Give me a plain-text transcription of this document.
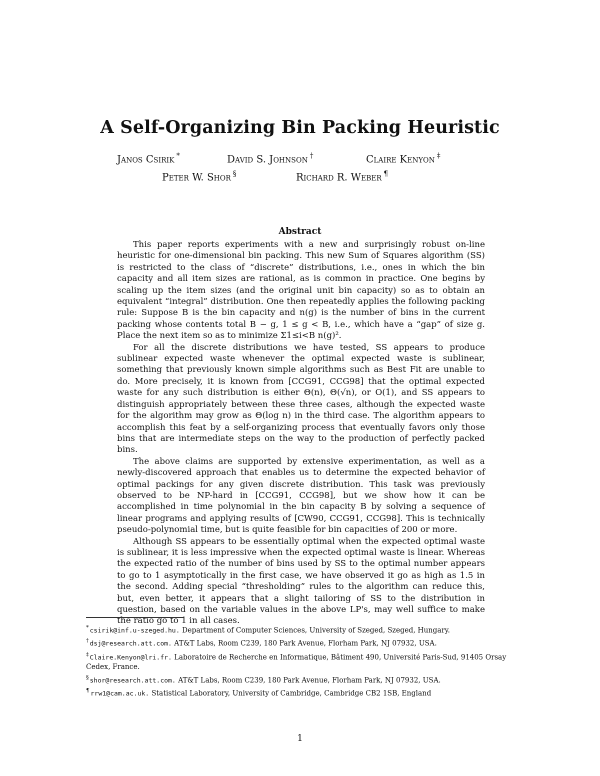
A Self-Organizing Bin Packing Heuristic
Janos Csirik *	David S. Johnson †	Claire Kenyon ‡
Peter W. Shor §	Richard R. Weber ¶
Abstract

This paper reports experiments with a new and surprisingly robust on-line heuristic for one-dimensional bin packing. This new Sum of Squares algorithm (SS) is restricted to the class of “discrete” distributions, i.e., ones in which the bin capacity and all item sizes are rational, as is common in practice. One begins by scaling up the item sizes (and the original unit bin capacity) so as to obtain an equivalent “integral” distribution. One then repeatedly applies the following packing rule: Suppose B is the bin capacity and n(g) is the number of bins in the current packing whose contents total B − g, 1 ≤ g < B, i.e., which have a “gap” of size g. Place the next item so as to minimize Σ1≤i<B n(g)².

For all the discrete distributions we have tested, SS appears to produce sublinear expected waste whenever the optimal expected waste is sublinear, something that previously known simple algorithms such as Best Fit are unable to do. More precisely, it is known from [CCG91, CCG98] that the optimal expected waste for any such distribution is either Θ(n), Θ(√n), or O(1), and SS appears to distinguish appropriately between these three cases, although the expected waste for the algorithm may grow as Θ(log n) in the third case. The algorithm appears to accomplish this feat by a self-organizing process that eventually favors only those bins that are intermediate steps on the way to the production of perfectly packed bins.

The above claims are supported by extensive experimentation, as well as a newly-discovered approach that enables us to determine the expected behavior of optimal packings for any given discrete distribution. This task was previously observed to be NP-hard in [CCG91, CCG98], but we show how it can be accomplished in time polynomial in the bin capacity B by solving a sequence of linear programs and applying results of [CW90, CCG91, CCG98]. This is technically pseudo-polynomial time, but is quite feasible for bin capacities of 200 or more.

Although SS appears to be essentially optimal when the expected optimal waste is sublinear, it is less impressive when the expected optimal waste is linear. Whereas the expected ratio of the number of bins used by SS to the optimal number appears to go to 1 asymptotically in the first case, we have observed it go as high as 1.5 in the second. Adding special “thresholding” rules to the algorithm can reduce this, but, even better, it appears that a slight tailoring of SS to the distribution in question, based on the variable values in the above LP's, may well suffice to make the ratio go to 1 in all cases.

*csirik@inf.u-szeged.hu. Department of Computer Sciences, University of Szeged, Szeged, Hungary.

†dsj@research.att.com. AT&T Labs, Room C239, 180 Park Avenue, Florham Park, NJ 07932, USA.

‡Claire.Kenyon@lri.fr. Laboratoire de Recherche en Informatique, Bâtiment 490, Université Paris-Sud, 91405 Orsay Cedex, France.

§shor@research.att.com. AT&T Labs, Room C239, 180 Park Avenue, Florham Park, NJ 07932, USA.

¶rrw1@cam.ac.uk. Statistical Laboratory, University of Cambridge, Cambridge CB2 1SB, England

1
